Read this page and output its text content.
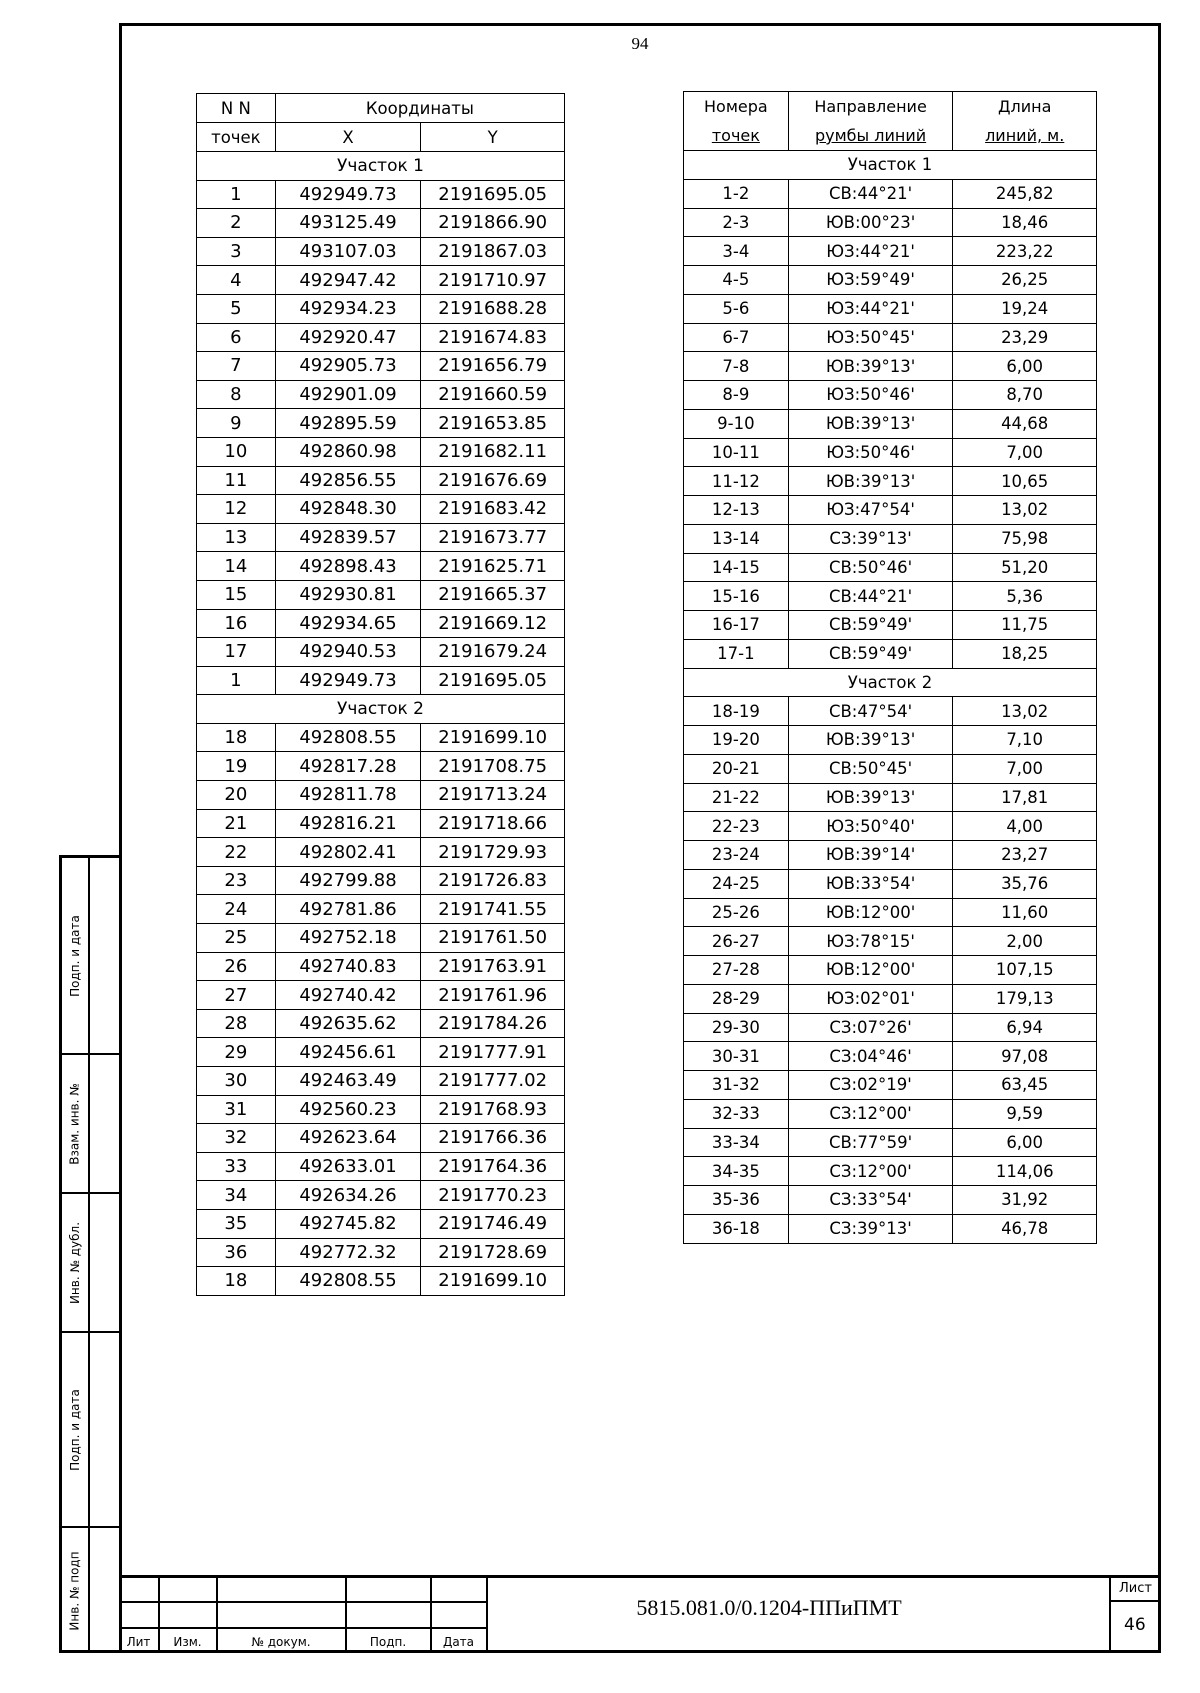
94
N N	Координаты	
точек	X	Y
Участок 1		
1	492949.73	2191695.05
2	493125.49	2191866.90
3	493107.03	2191867.03
4	492947.42	2191710.97
5	492934.23	2191688.28
6	492920.47	2191674.83
7	492905.73	2191656.79
8	492901.09	2191660.59
9	492895.59	2191653.85
10	492860.98	2191682.11
11	492856.55	2191676.69
12	492848.30	2191683.42
13	492839.57	2191673.77
14	492898.43	2191625.71
15	492930.81	2191665.37
16	492934.65	2191669.12
17	492940.53	2191679.24
1	492949.73	2191695.05
Участок 2		
18	492808.55	2191699.10
19	492817.28	2191708.75
20	492811.78	2191713.24
21	492816.21	2191718.66
22	492802.41	2191729.93
23	492799.88	2191726.83
24	492781.86	2191741.55
25	492752.18	2191761.50
26	492740.83	2191763.91
27	492740.42	2191761.96
28	492635.62	2191784.26
29	492456.61	2191777.91
30	492463.49	2191777.02
31	492560.23	2191768.93
32	492623.64	2191766.36
33	492633.01	2191764.36
34	492634.26	2191770.23
35	492745.82	2191746.49
36	492772.32	2191728.69
18	492808.55	2191699.10
Номера	Направление	Длина
точек	румбы линий	линий, м.
Участок 1		
1-2	СВ:44°21'	245,82
2-3	ЮВ:00°23'	18,46
3-4	ЮЗ:44°21'	223,22
4-5	ЮЗ:59°49'	26,25
5-6	ЮЗ:44°21'	19,24
6-7	ЮЗ:50°45'	23,29
7-8	ЮВ:39°13'	6,00
8-9	ЮЗ:50°46'	8,70
9-10	ЮВ:39°13'	44,68
10-11	ЮЗ:50°46'	7,00
11-12	ЮВ:39°13'	10,65
12-13	ЮЗ:47°54'	13,02
13-14	СЗ:39°13'	75,98
14-15	СВ:50°46'	51,20
15-16	СВ:44°21'	5,36
16-17	СВ:59°49'	11,75
17-1	СВ:59°49'	18,25
Участок 2		
18-19	СВ:47°54'	13,02
19-20	ЮВ:39°13'	7,10
20-21	СВ:50°45'	7,00
21-22	ЮВ:39°13'	17,81
22-23	ЮЗ:50°40'	4,00
23-24	ЮВ:39°14'	23,27
24-25	ЮВ:33°54'	35,76
25-26	ЮВ:12°00'	11,60
26-27	ЮЗ:78°15'	2,00
27-28	ЮВ:12°00'	107,15
28-29	ЮЗ:02°01'	179,13
29-30	СЗ:07°26'	6,94
30-31	СЗ:04°46'	97,08
31-32	СЗ:02°19'	63,45
32-33	СЗ:12°00'	9,59
33-34	СВ:77°59'	6,00
34-35	СЗ:12°00'	114,06
35-36	СЗ:33°54'	31,92
36-18	СЗ:39°13'	46,78
Подп. и дата
Взам. инв. №
Инв. № дубл.
Подп. и дата
Инв. № подп
Лит	Изм.	№ докум.	Подп.	Дата
5815.081.0/0.1204-ППиПМТ
Лист
46
